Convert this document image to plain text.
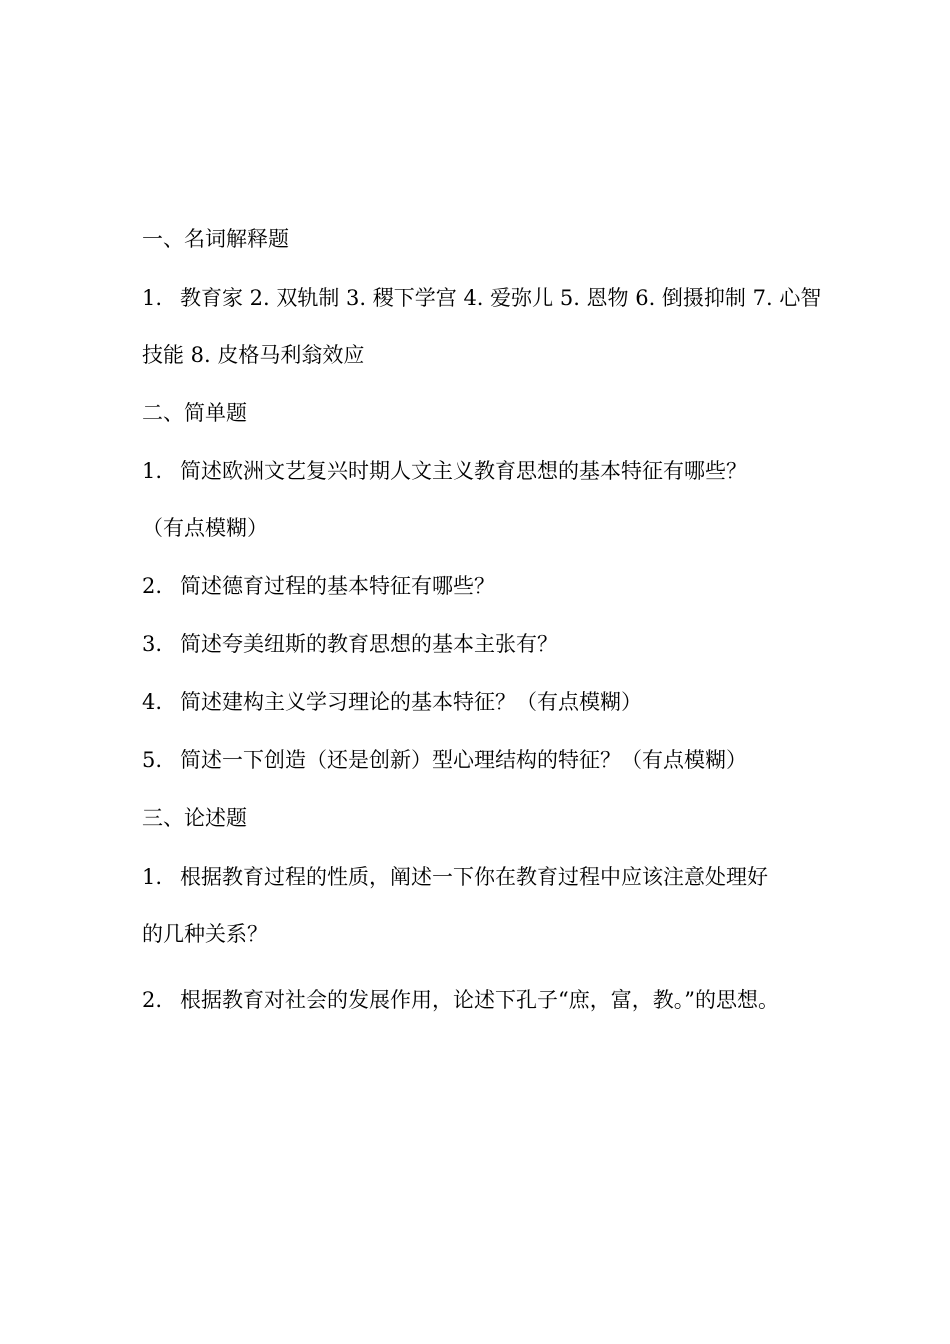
一、名词解释题
1. 教育家 2. 双轨制 3. 稷下学宫 4. 爱弥儿 5. 恩物 6. 倒摄抑制 7. 心智
技能 8. 皮格马利翁效应
二、简单题
1. 简述欧洲文艺复兴时期人文主义教育思想的基本特征有哪些？
（有点模糊）
2. 简述德育过程的基本特征有哪些？
3. 简述夸美纽斯的教育思想的基本主张有？
4. 简述建构主义学习理论的基本特征？（有点模糊）
5. 简述一下创造（还是创新）型心理结构的特征？（有点模糊）
三、论述题
1. 根据教育过程的性质，阐述一下你在教育过程中应该注意处理好
的几种关系？
2. 根据教育对社会的发展作用，论述下孔子“庶，富，教。”的思想。
